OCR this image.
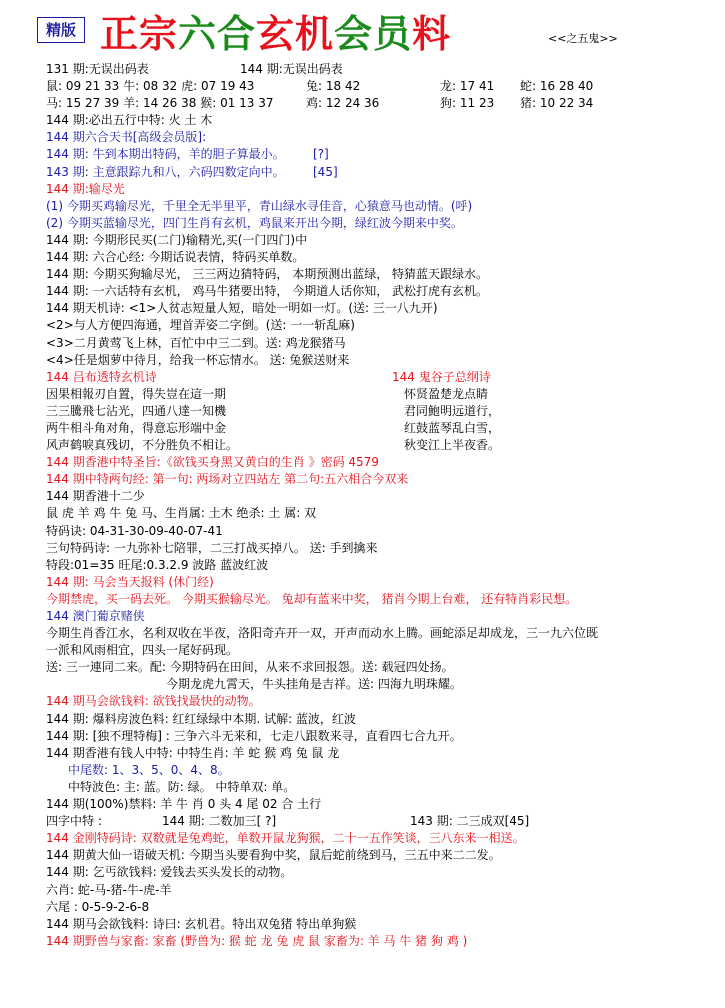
精版 正宗六合玄机会员料	<<之五鬼>>
131 期:无误出码表	144 期:无误出码表
鼠: 09 21 33 牛: 08 32 虎: 07 19 43	兔: 18 42	龙: 17 41 蛇: 16 28 40
马: 15 27 39 羊: 14 26 38 猴: 01 13 37	鸡: 12 24 36	狗: 11 23 猪: 10 22 34
144 期:必出五行中特: 火 土 木
144 期六合天书[高级会员版]:
144 期: 牛到本期出特码，羊的胆子算最小。 [?]
143 期: 主意跟踪九和八，六码四数定向中。 [45]
144 期:输尽光
(1) 今期买鸡输尽光，千里全无半里平，青山绿水寻佳音，心猿意马也动情。(呼)
(2) 今期买蓝输尽光，四门生肖有玄机，鸡鼠来开出今期，绿红波今期来中奖。
144 期: 今期形民买(二门)输精光,买(一门四门)中
144 期: 六合心经: 今期话说表情，特码买单数。
144 期: 今期买狗输尽光， 三三两边猜特码， 本期预测出蓝绿， 特猜蓝天跟绿水。
144 期: 一六话特有玄机， 鸡马牛猪要出特， 今期道人话你知， 武松打虎有玄机。
144 期天机诗: <1>人贫志短量人短，暗处一明如一灯。(送: 三一八九开)
<2>与人方便四海通，埋首弄姿二字倒。(送: 一一斩乱麻)
<3>二月黄莺飞上林，百忙中中三二到。送: 鸡龙猴猪马
<4>任是烟萝中待月，给我一杯忘情水。 送: 兔猴送财来
144 吕布透特玄机诗	144 鬼谷子总纲诗
因果相報刃自置，得失豈在這一期	怀贤盈楚龙点睛
三三騰飛七沾光，四通八達一知機	君同鮑明远道行，
两牛相斗角对角，得意忘形端中金	红鼓蓝琴乱白雪，
风声鹤唳真残切，不分胜负不相让。	秋变江上半夜香。
144 期香港中特圣旨:《欲钱买身黑又黄白的生肖 》密码 4579
144 期中特两句经: 第一句: 两场对立四站左 第二句:五六相合今双来
144 期香港十二少
鼠 虎 羊 鸡 牛 兔 马、生肖属: 土木 绝杀: 土 属: 双
特码诀: 04-31-30-09-40-07-41
三句特码诗: 一九弥补七陪罪，二三打战买掉八。 送: 手到擒来
特段:01=35 旺尾:0.3.2.9 波路 蓝波红波
144 期: 马会当天报料 (休门经)
今期禁虎，买一码去死。 今期买猴输尽光。 兔却有蓝来中奖， 猪肖今期上台难， 还有特肖彩民想。
144 澳门葡京赌侠
今期生肖香江水，名利双收在半夜，洛阳奇卉开一双，开声而动水上腾。画蛇添足却成龙，三一九六位既
一派和风雨相宜，四头一尾好码现。
送: 三一連同二来。配: 今期特码在田间，从来不求回报怨。送: 载冠四处扬。
今期龙虎九霄天，牛头挂角是吉祥。送: 四海九明珠耀。
144 期马会欲钱料: 欲钱找最快的动物。
144 期: 爆料房波色料: 红红绿绿中本期. 试解: 蓝波，红波
144 期: [独不理特梅] : 三争六斗无来和，七走八跟数来寻，直看四七合九开。
144 期香港有钱人中特: 中特生肖: 羊 蛇 猴 鸡 兔 鼠 龙
中尾数: 1、3、5、0、4、8。
中特波色: 主: 蓝。防: 绿。 中特单双: 单。
144 期(100%)禁料: 羊 牛 肖 0 头 4 尾 02 合 土行
四字中特 :	144 期: 二数加三[ ?]	143 期: 二三成双[45]
144 金刚特码诗: 双数就是兔鸡蛇，单数开鼠龙狗猴，二十一五作笑谈，三八东来一相送。
144 期黄大仙一语破天机: 今期当头要看狗中奖，鼠后蛇前绕到马，三五中来二二发。
144 期: 乞丐欲钱料: 爱钱去买头发长的动物。
六肖: 蛇-马-猪-牛-虎-羊
六尾 : 0-5-9-2-6-8
144 期马会欲钱料: 诗曰: 玄机君。特出双兔猪 特出单狗猴
144 期野兽与家畜: 家畜 (野兽为: 猴 蛇 龙 兔 虎 鼠 家畜为: 羊 马 牛 猪 狗 鸡 )
